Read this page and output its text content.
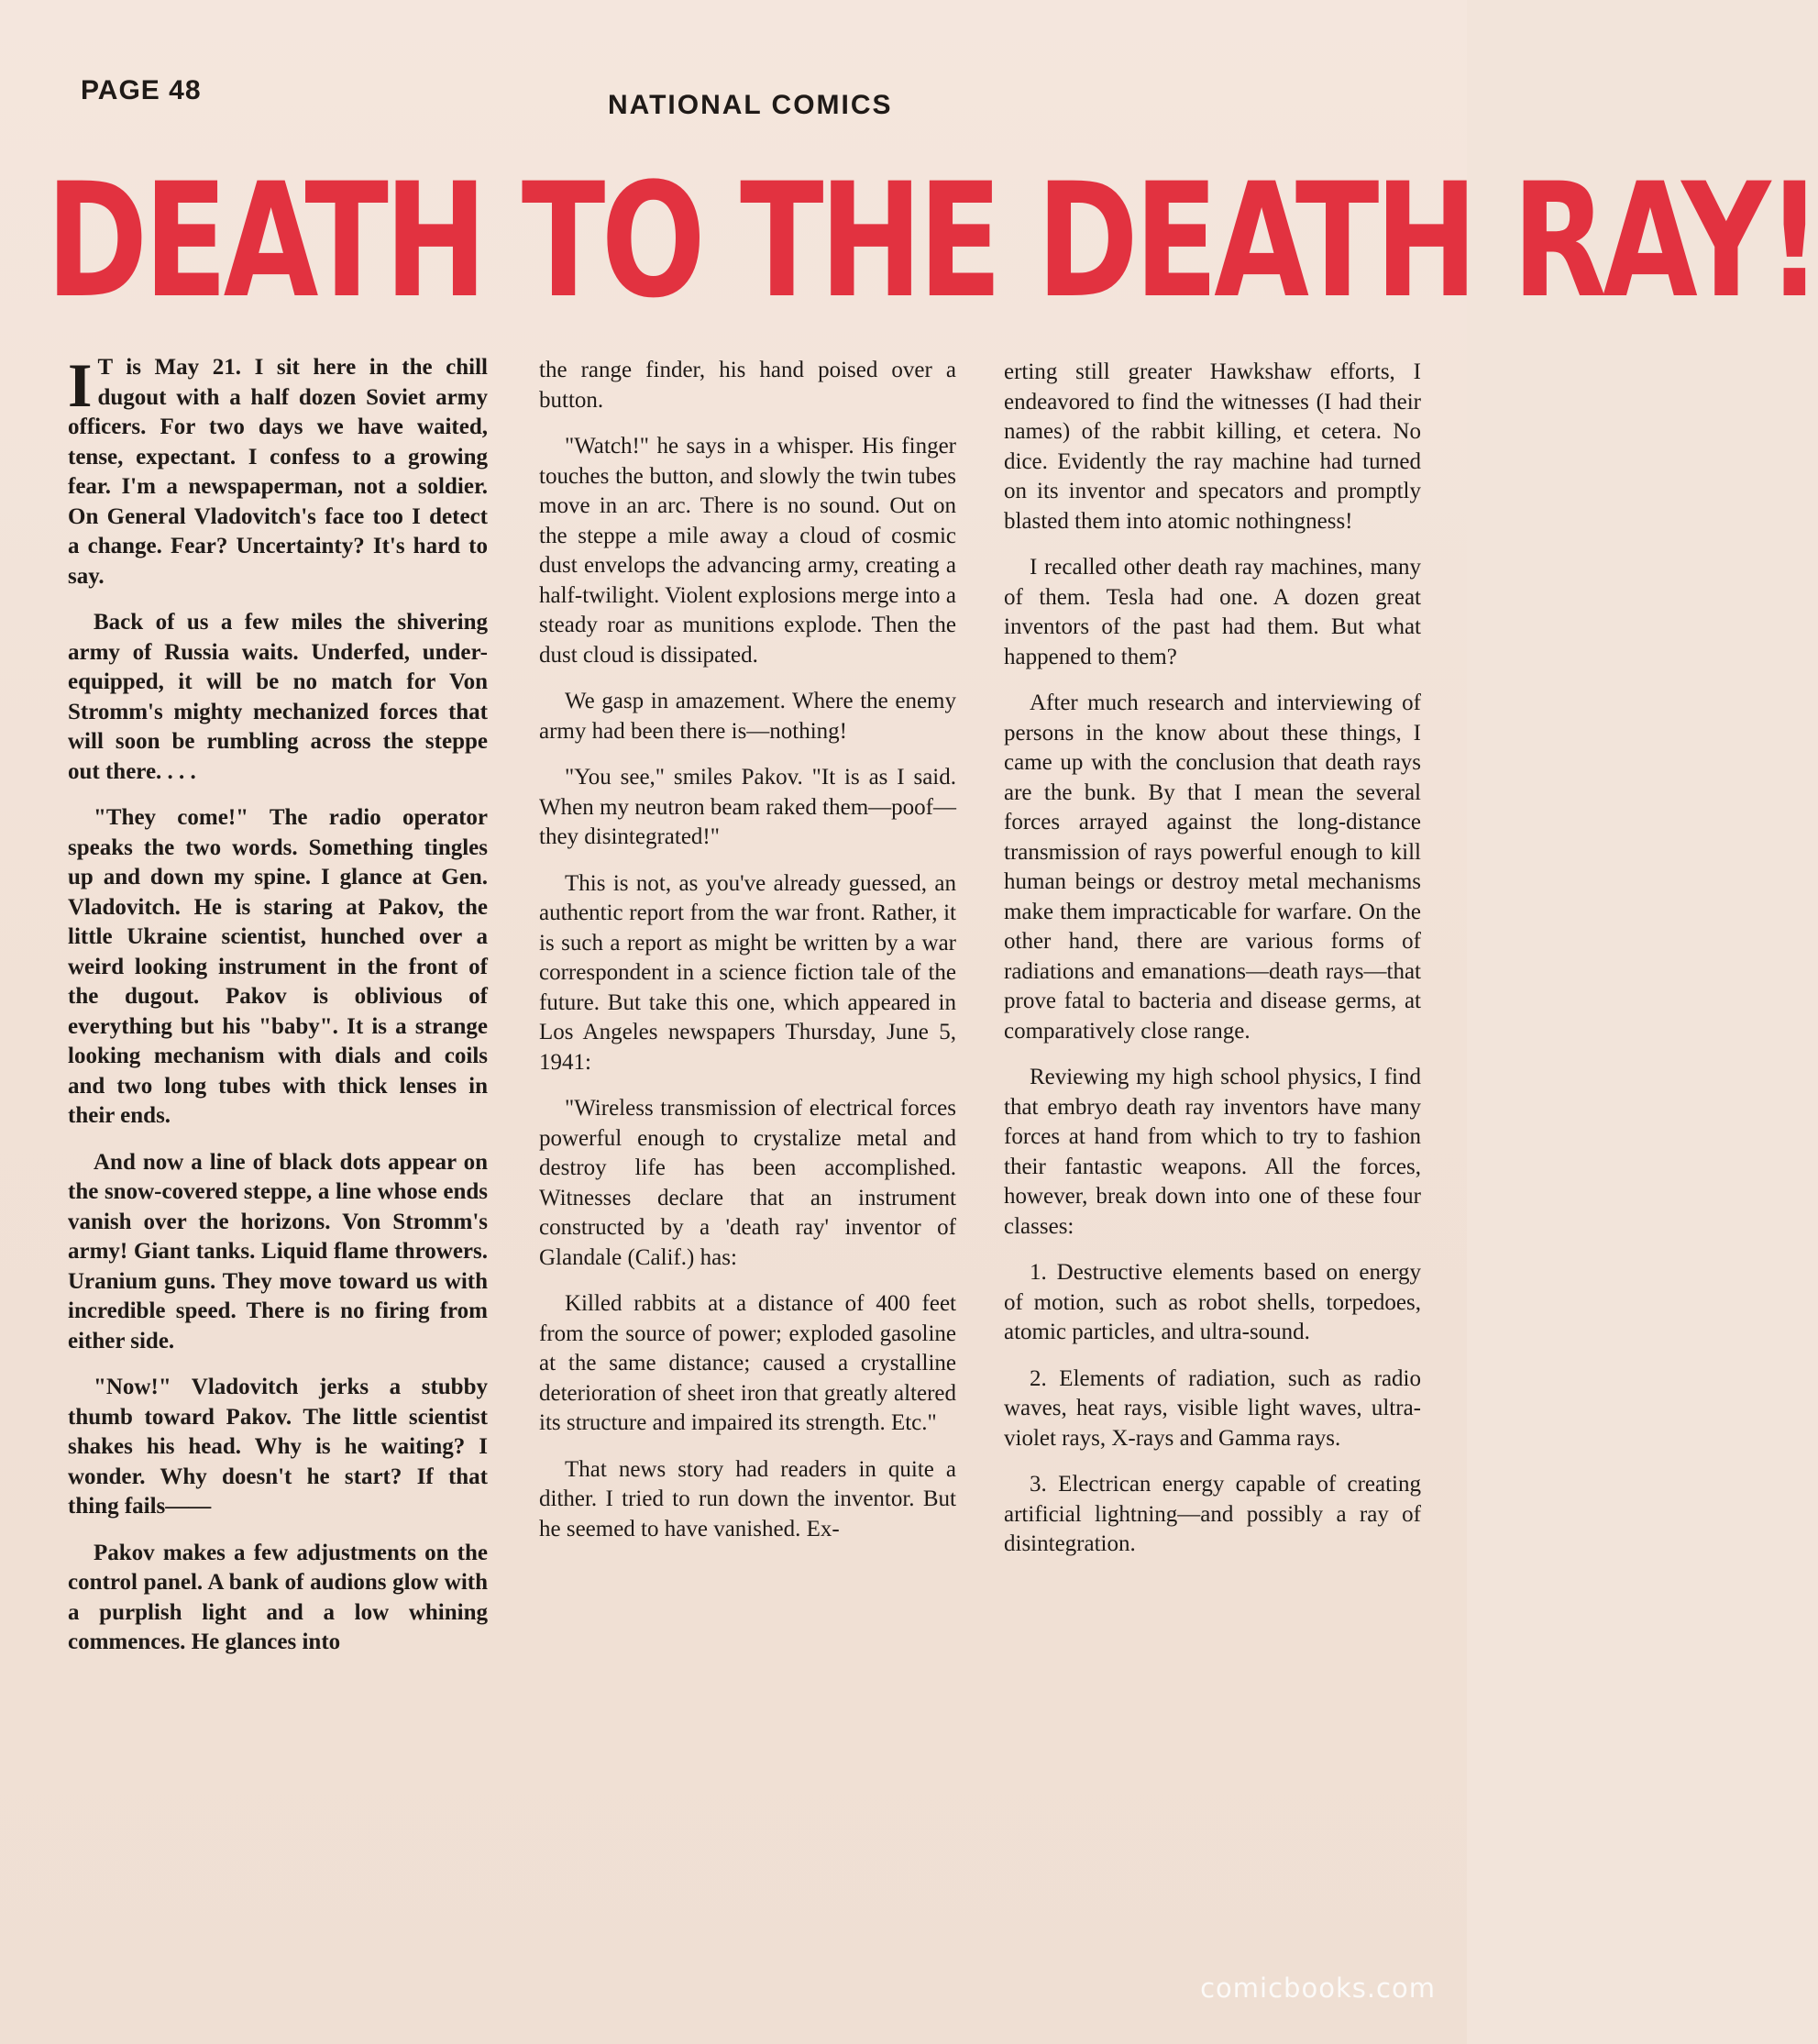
PAGE 48	NATIONAL COMICS
DEATH TO THE DEATH RAY!

I T is May 21. I sit here in the chill dugout with a half dozen Soviet army officers. For two days we have waited, tense, expectant. I confess to a growing fear. I'm a newspaperman, not a soldier. On General Vladovitch's face too I detect a change. Fear? Uncertainty? It's hard to say.

Back of us a few miles the shivering army of Russia waits. Underfed, under-equipped, it will be no match for Von Stromm's mighty mechanized forces that will soon be rumbling across the steppe out there. . . .

"They come!" The radio operator speaks the two words. Something tingles up and down my spine. I glance at Gen. Vladovitch. He is staring at Pakov, the little Ukraine scientist, hunched over a weird looking instrument in the front of the dugout. Pakov is oblivious of everything but his "baby". It is a strange looking mechanism with dials and coils and two long tubes with thick lenses in their ends.

And now a line of black dots appear on the snow-covered steppe, a line whose ends vanish over the horizons. Von Stromm's army! Giant tanks. Liquid flame throwers. Uranium guns. They move toward us with incredible speed. There is no firing from either side.

"Now!" Vladovitch jerks a stubby thumb toward Pakov. The little scientist shakes his head. Why is he waiting? I wonder. Why doesn't he start? If that thing fails——

Pakov makes a few adjustments on the control panel. A bank of audions glow with a purplish light and a low whining commences. He glances into

the range finder, his hand poised over a button.

"Watch!" he says in a whisper. His finger touches the button, and slowly the twin tubes move in an arc. There is no sound. Out on the steppe a mile away a cloud of cosmic dust envelops the advancing army, creating a half-twilight. Violent explosions merge into a steady roar as munitions explode. Then the dust cloud is dissipated.

We gasp in amazement. Where the enemy army had been there is—nothing!

"You see," smiles Pakov. "It is as I said. When my neutron beam raked them—poof—they disintegrated!"

This is not, as you've already guessed, an authentic report from the war front. Rather, it is such a report as might be written by a war correspondent in a science fiction tale of the future. But take this one, which appeared in Los Angeles newspapers Thursday, June 5, 1941:

"Wireless transmission of electrical forces powerful enough to crystalize metal and destroy life has been accomplished. Witnesses declare that an instrument constructed by a 'death ray' inventor of Glandale (Calif.) has:

Killed rabbits at a distance of 400 feet from the source of power; exploded gasoline at the same distance; caused a crystalline deterioration of sheet iron that greatly altered its structure and impaired its strength. Etc."

That news story had readers in quite a dither. I tried to run down the inventor. But he seemed to have vanished. Ex-

erting still greater Hawkshaw efforts, I endeavored to find the witnesses (I had their names) of the rabbit killing, et cetera. No dice. Evidently the ray machine had turned on its inventor and specators and promptly blasted them into atomic nothingness!

I recalled other death ray machines, many of them. Tesla had one. A dozen great inventors of the past had them. But what happened to them?

After much research and interviewing of persons in the know about these things, I came up with the conclusion that death rays are the bunk. By that I mean the several forces arrayed against the long-distance transmission of rays powerful enough to kill human beings or destroy metal mechanisms make them impracticable for warfare. On the other hand, there are various forms of radiations and emanations—death rays—that prove fatal to bacteria and disease germs, at comparatively close range.

Reviewing my high school physics, I find that embryo death ray inventors have many forces at hand from which to try to fashion their fantastic weapons. All the forces, however, break down into one of these four classes:

1. Destructive elements based on energy of motion, such as robot shells, torpedoes, atomic particles, and ultra-sound.

2. Elements of radiation, such as radio waves, heat rays, visible light waves, ultra-violet rays, X-rays and Gamma rays.

3. Electrican energy capable of creating artificial lightning—and possibly a ray of disintegration.

comicbooks.com
